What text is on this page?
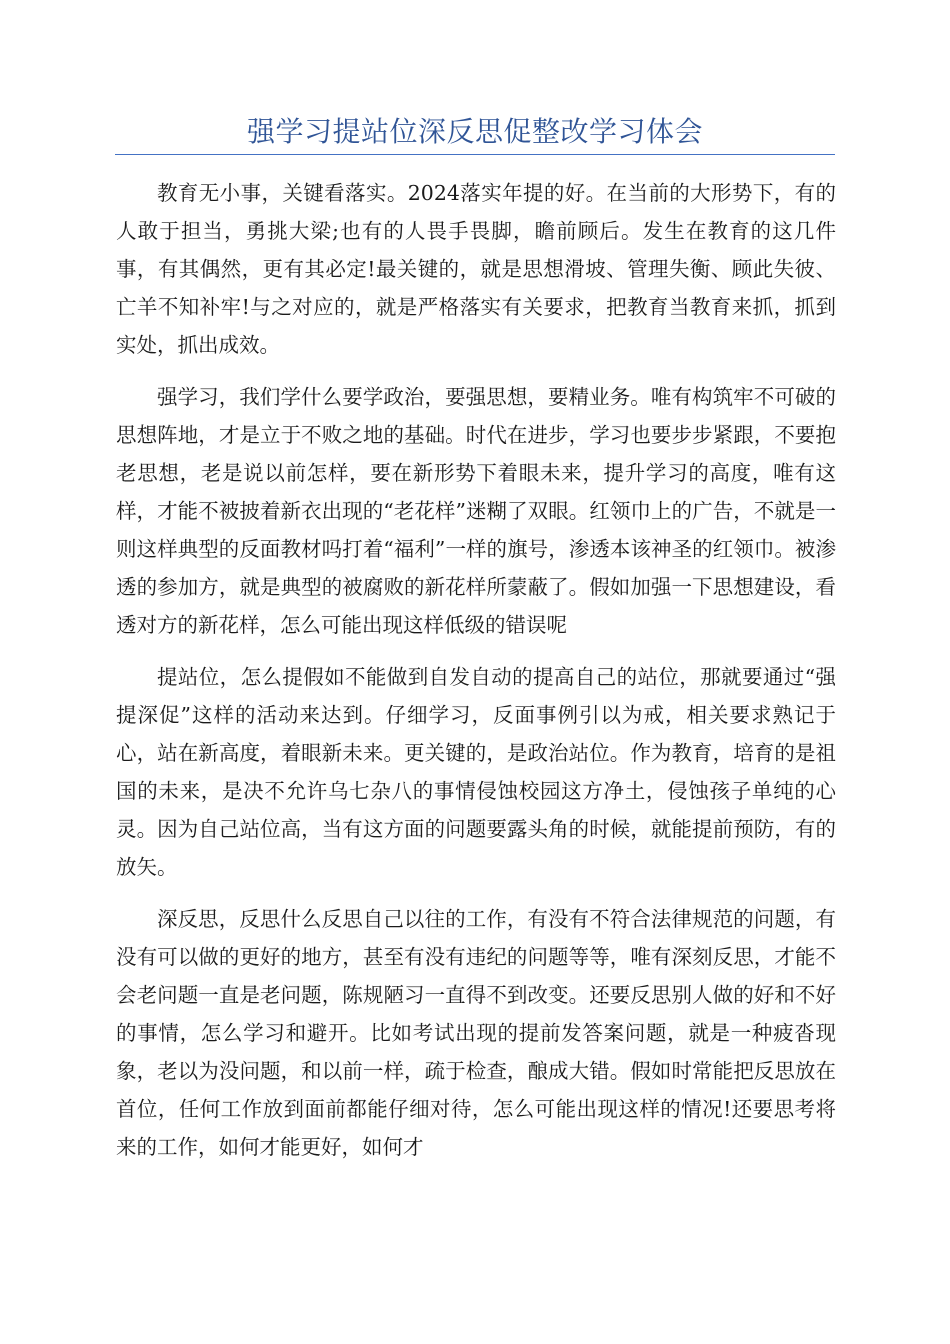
强学习提站位深反思促整改学习体会

教育无小事，关键看落实。2024落实年提的好。在当前的大形势下，有的人敢于担当，勇挑大梁;也有的人畏手畏脚，瞻前顾后。发生在教育的这几件事，有其偶然，更有其必定!最关键的，就是思想滑坡、管理失衡、顾此失彼、亡羊不知补牢!与之对应的，就是严格落实有关要求，把教育当教育来抓，抓到实处，抓出成效。

强学习，我们学什么要学政治，要强思想，要精业务。唯有构筑牢不可破的思想阵地，才是立于不败之地的基础。时代在进步，学习也要步步紧跟，不要抱老思想，老是说以前怎样，要在新形势下着眼未来，提升学习的高度，唯有这样，才能不被披着新衣出现的“老花样”迷糊了双眼。红领巾上的广告，不就是一则这样典型的反面教材吗打着“福利”一样的旗号，渗透本该神圣的红领巾。被渗透的参加方，就是典型的被腐败的新花样所蒙蔽了。假如加强一下思想建设，看透对方的新花样，怎么可能出现这样低级的错误呢

提站位，怎么提假如不能做到自发自动的提高自己的站位，那就要通过“强提深促”这样的活动来达到。仔细学习，反面事例引以为戒，相关要求熟记于心，站在新高度，着眼新未来。更关键的，是政治站位。作为教育，培育的是祖国的未来，是决不允许乌七杂八的事情侵蚀校园这方净土，侵蚀孩子单纯的心灵。因为自己站位高，当有这方面的问题要露头角的时候，就能提前预防，有的放矢。

深反思，反思什么反思自己以往的工作，有没有不符合法律规范的问题，有没有可以做的更好的地方，甚至有没有违纪的问题等等，唯有深刻反思，才能不会老问题一直是老问题，陈规陋习一直得不到改变。还要反思别人做的好和不好的事情，怎么学习和避开。比如考试出现的提前发答案问题，就是一种疲沓现象，老以为没问题，和以前一样，疏于检查，酿成大错。假如时常能把反思放在首位，任何工作放到面前都能仔细对待，怎么可能出现这样的情况!还要思考将来的工作，如何才能更好，如何才
